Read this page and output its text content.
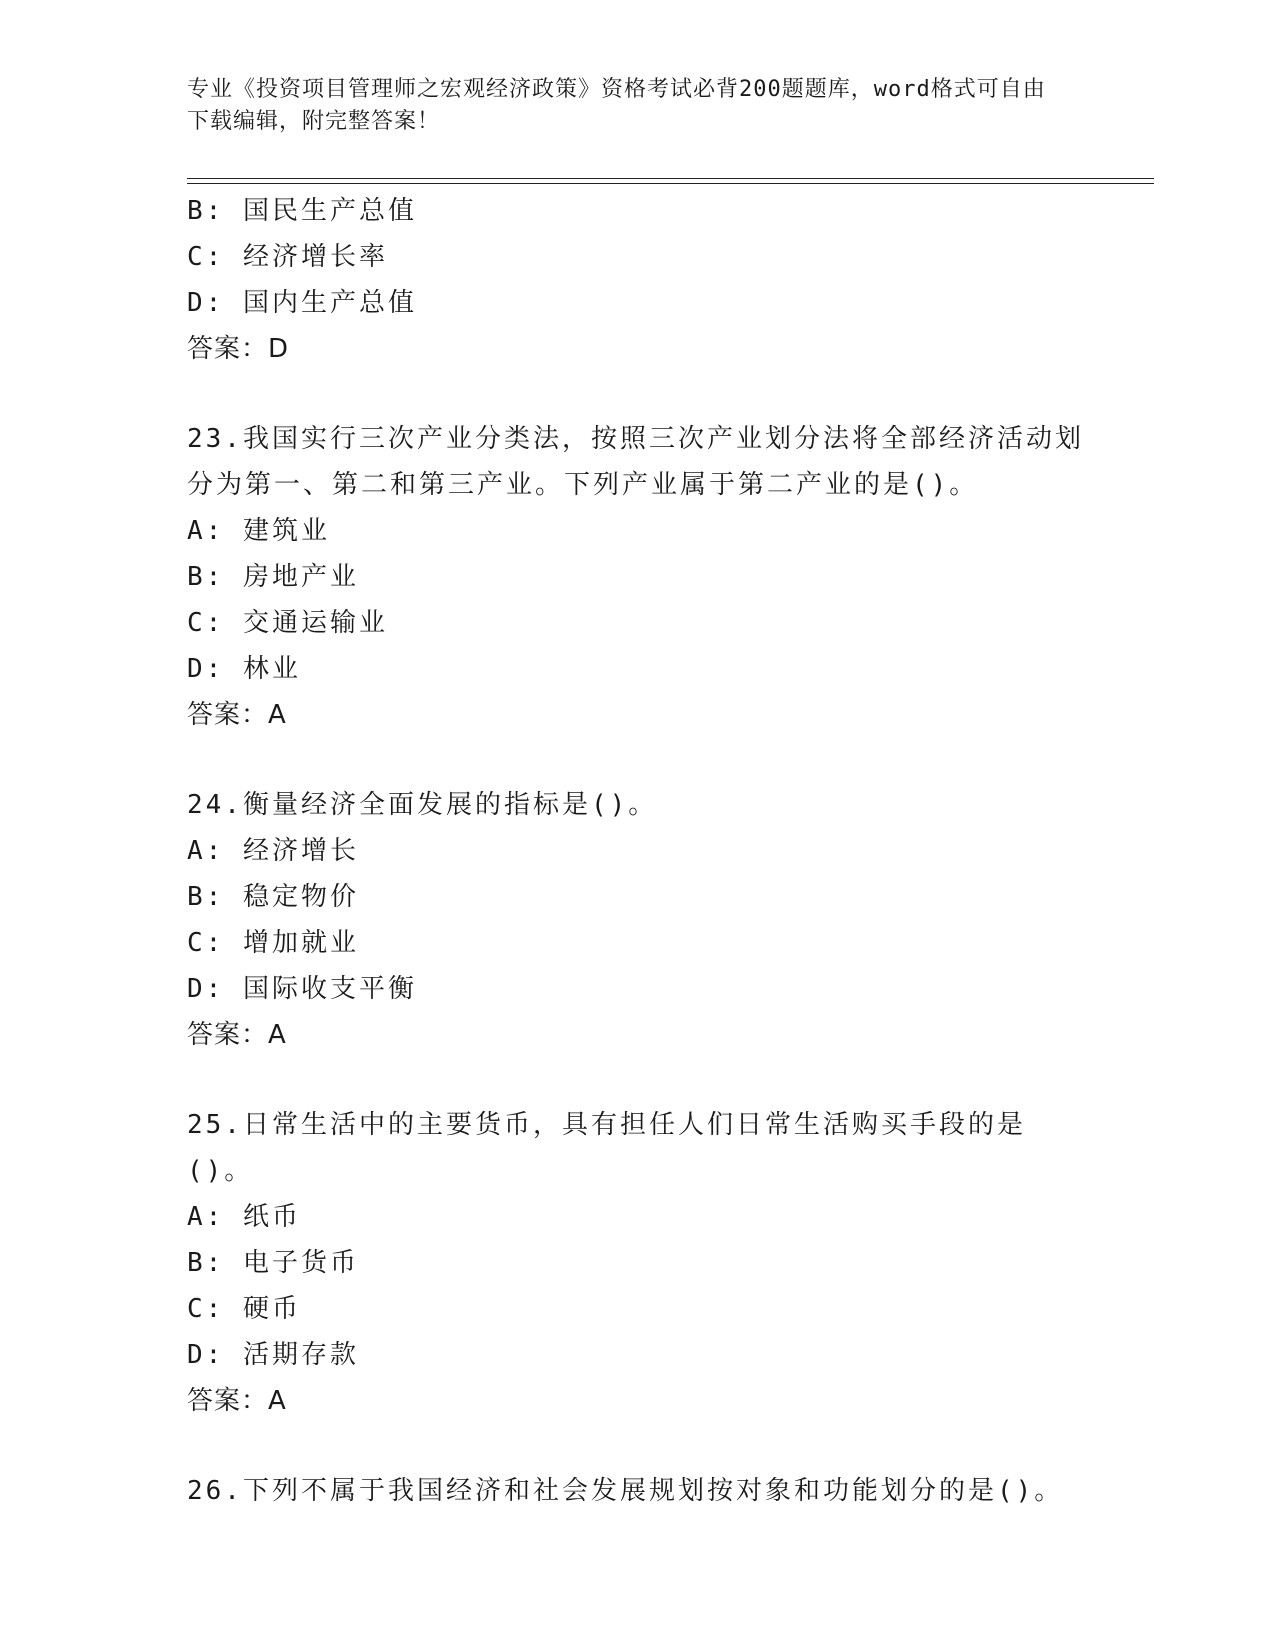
专业《投资项目管理师之宏观经济政策》资格考试必背200题题库，word格式可自由下载编辑，附完整答案！
B: 国民生产总值
C: 经济增长率
D: 国内生产总值
答案：D
23.我国实行三次产业分类法，按照三次产业划分法将全部经济活动划分为第一、第二和第三产业。下列产业属于第二产业的是()。
A: 建筑业
B: 房地产业
C: 交通运输业
D: 林业
答案：A
24.衡量经济全面发展的指标是()。
A: 经济增长
B: 稳定物价
C: 增加就业
D: 国际收支平衡
答案：A
25.日常生活中的主要货币，具有担任人们日常生活购买手段的是()。
A: 纸币
B: 电子货币
C: 硬币
D: 活期存款
答案：A
26.下列不属于我国经济和社会发展规划按对象和功能划分的是()。
